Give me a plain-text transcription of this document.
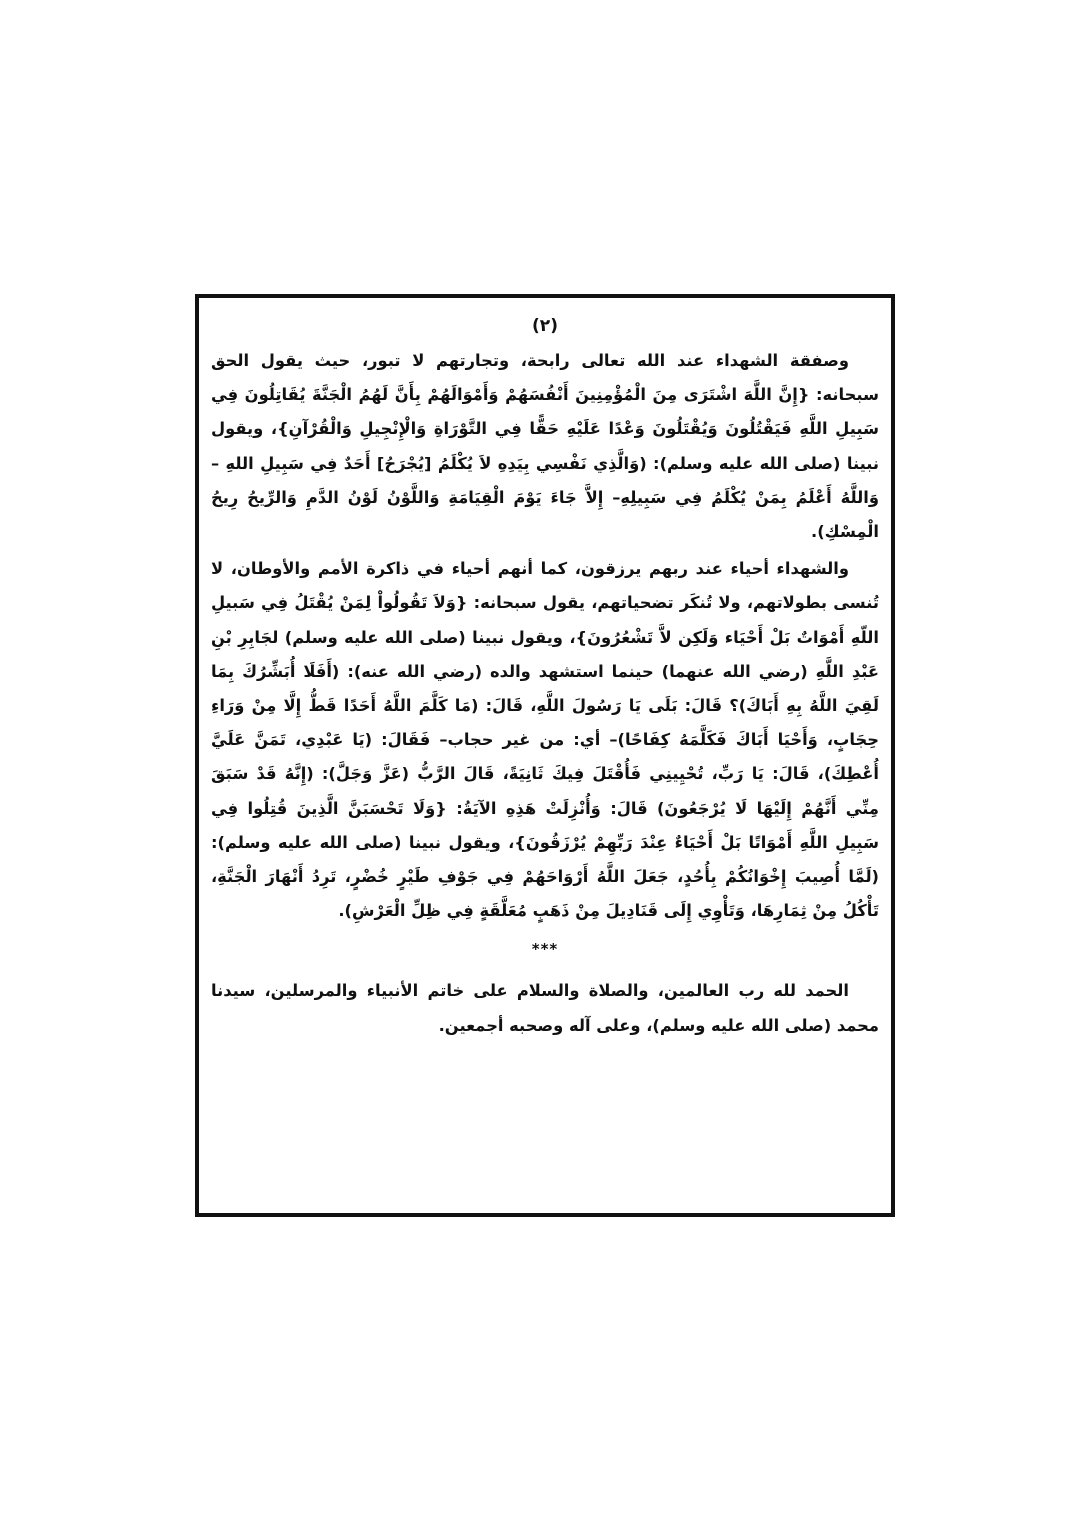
(٢)

وصفقة الشهداء عند الله تعالى رابحة، وتجارتهم لا تبور، حيث يقول الحق سبحانه: {إِنَّ اللَّهَ اشْتَرَى مِنَ الْمُؤْمِنِينَ أَنْفُسَهُمْ وَأَمْوَالَهُمْ بِأَنَّ لَهُمُ الْجَنَّةَ يُقَاتِلُونَ فِي سَبِيلِ اللَّهِ فَيَقْتُلُونَ وَيُقْتَلُونَ وَعْدًا عَلَيْهِ حَقًّا فِي التَّوْرَاةِ وَالْإِنْجِيلِ وَالْقُرْآنِ}، ويقول نبينا (صلى الله عليه وسلم): (وَالَّذِي نَفْسِي بِيَدِهِ لاَ يُكْلَمُ [يُجْرَحُ] أَحَدٌ فِي سَبِيلِ اللهِ – وَاللَّهُ أَعْلَمُ بِمَنْ يُكْلَمُ فِي سَبِيلِهِ– إِلاَّ جَاءَ يَوْمَ الْقِيَامَةِ وَاللَّوْنُ لَوْنُ الدَّمِ وَالرِّيحُ رِيحُ الْمِسْكِ).

والشهداء أحياء عند ربهم يرزقون، كما أنهم أحياء في ذاكرة الأمم والأوطان، لا تُنسى بطولاتهم، ولا تُنكَر تضحياتهم، يقول سبحانه: {وَلاَ تَقُولُواْ لِمَنْ يُقْتَلُ فِي سَبيلِ اللّهِ أَمْوَاتٌ بَلْ أَحْيَاء وَلَكِن لاَّ تَشْعُرُونَ}، ويقول نبينا (صلى الله عليه وسلم) لجَابِرِ بْنِ عَبْدِ اللَّهِ (رضي الله عنهما) حينما استشهد والده (رضي الله عنه): (أَفَلَا أُبَشِّرُكَ بِمَا لَقِيَ اللَّهُ بِهِ أَبَاكَ)؟ قَالَ: بَلَى يَا رَسُولَ اللَّهِ، قَالَ: (مَا كَلَّمَ اللَّهُ أَحَدًا قَطُّ إِلَّا مِنْ وَرَاءِ حِجَابٍ، وَأَحْيَا أَبَاكَ فَكَلَّمَهُ كِفَاحًا)– أي: من غير حجاب– فَقَالَ: (يَا عَبْدِي، تَمَنَّ عَلَيَّ أُعْطِكَ)، قَالَ: يَا رَبِّ، تُحْيِينِي فَأُقْتَلَ فِيكَ ثَانِيَةً، قَالَ الرَّبُّ (عَزَّ وَجَلَّ): (إِنَّهُ قَدْ سَبَقَ مِنِّي أَنَّهُمْ إِلَيْهَا لَا يُرْجَعُونَ) قَالَ: وَأُنْزِلَتْ هَذِهِ الآيَةُ: {وَلَا تَحْسَبَنَّ الَّذِينَ قُتِلُوا فِي سَبِيلِ اللَّهِ أَمْوَاتًا بَلْ أَحْيَاءٌ عِنْدَ رَبِّهِمْ يُرْزَقُونَ}، ويقول نبينا (صلى الله عليه وسلم): (لَمَّا أُصِيبَ إِخْوَانُكُمْ بِأُحُدٍ، جَعَلَ اللَّهُ أَرْوَاحَهُمْ فِي جَوْفِ طَيْرٍ خُضْرٍ، تَرِدُ أَنْهَارَ الْجَنَّةِ، تَأْكُلُ مِنْ ثِمَارِهَا، وَتَأْوِي إِلَى قَنَادِيلَ مِنْ ذَهَبٍ مُعَلَّقَةٍ فِي ظِلِّ الْعَرْشِ).

***

الحمد لله رب العالمين، والصلاة والسلام على خاتم الأنبياء والمرسلين، سيدنا محمد (صلى الله عليه وسلم)، وعلى آله وصحبه أجمعين.
